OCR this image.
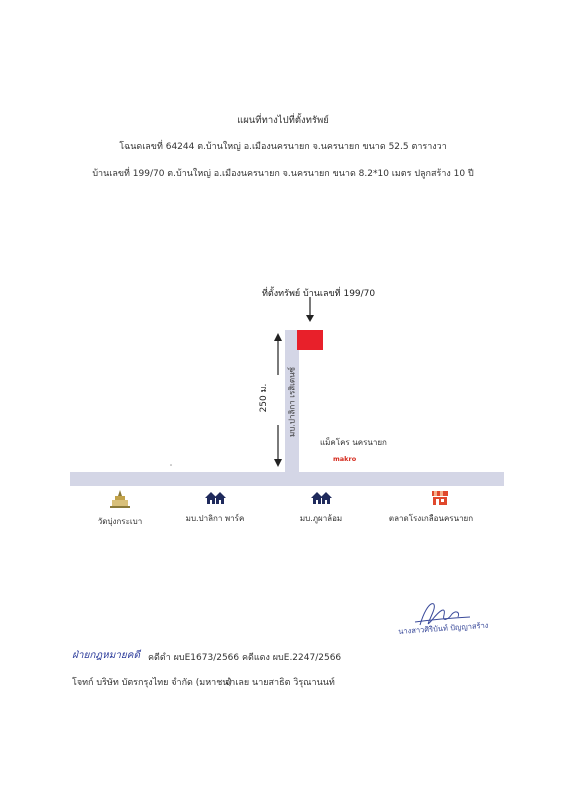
แผนที่ทางไปที่ตั้งทรัพย์
โฉนดเลขที่ 64244 ต.บ้านใหญ่ อ.เมืองนครนายก จ.นครนายก ขนาด 52.5 ตารางวา
บ้านเลขที่ 199/70 ต.บ้านใหญ่ อ.เมืองนครนายก จ.นครนายก ขนาด 8.2*10 เมตร ปลูกสร้าง 10 ปี
ที่ตั้งทรัพย์ บ้านเลขที่ 199/70
250 ม. มบ.ปาลิกา เรสิเดนซ์
แม็คโคร นครนายก
makro
วัดบุ่งกระเบา	มบ.ปาลิกา พาร์ค	มบ.ภูผาล้อม	ตลาดโรงเกลือนครนายก
นางสาวศิริบันท์ ปัญญาสร้าง
ฝ่ายกฎหมายคดี คดีดำ ผบE1673/2566 คดีแดง ผบE.2247/2566
โจทก์ บริษัท บัตรกรุงไทย จำกัด (มหาชน)
จำเลย นายสาธิต วิรุณานนท์
